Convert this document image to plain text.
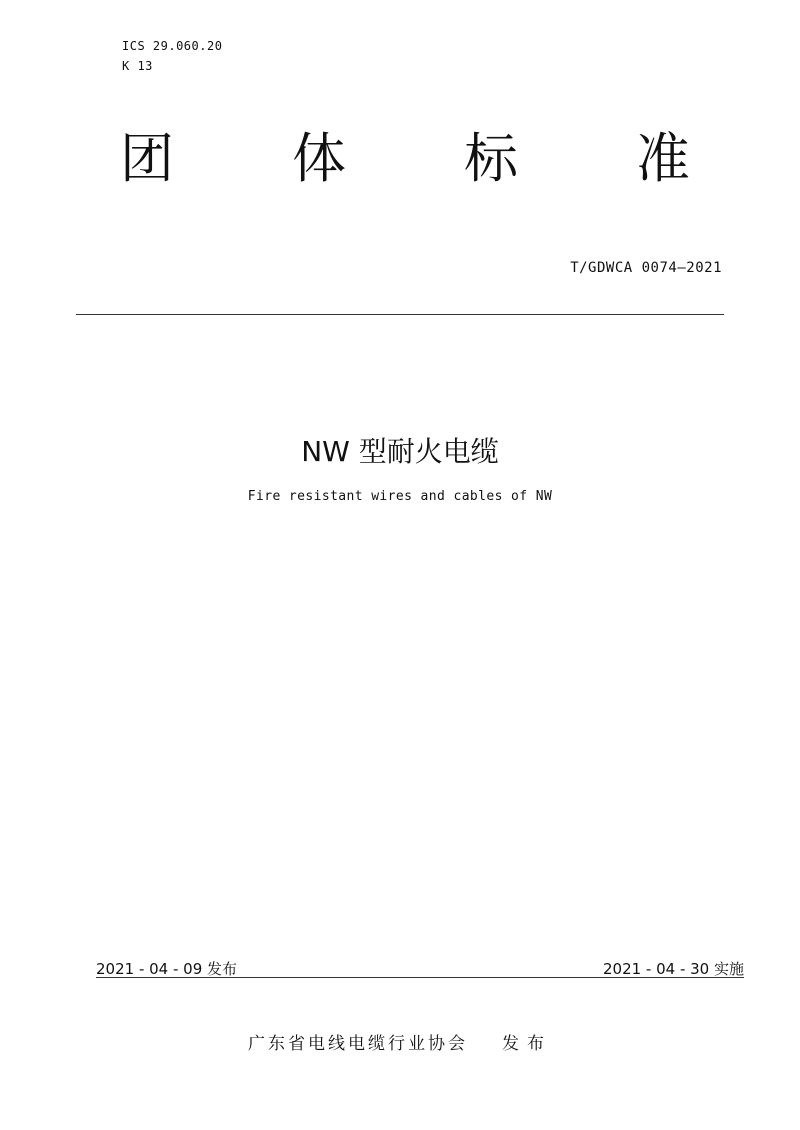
ICS 29.060.20
K 13
团 体 标 准
T/GDWCA 0074—2021
NW 型耐火电缆
Fire resistant wires and cables of NW
2021 - 04 - 09 发布	2021 - 04 - 30 实施
广东省电线电缆行业协会 发布
